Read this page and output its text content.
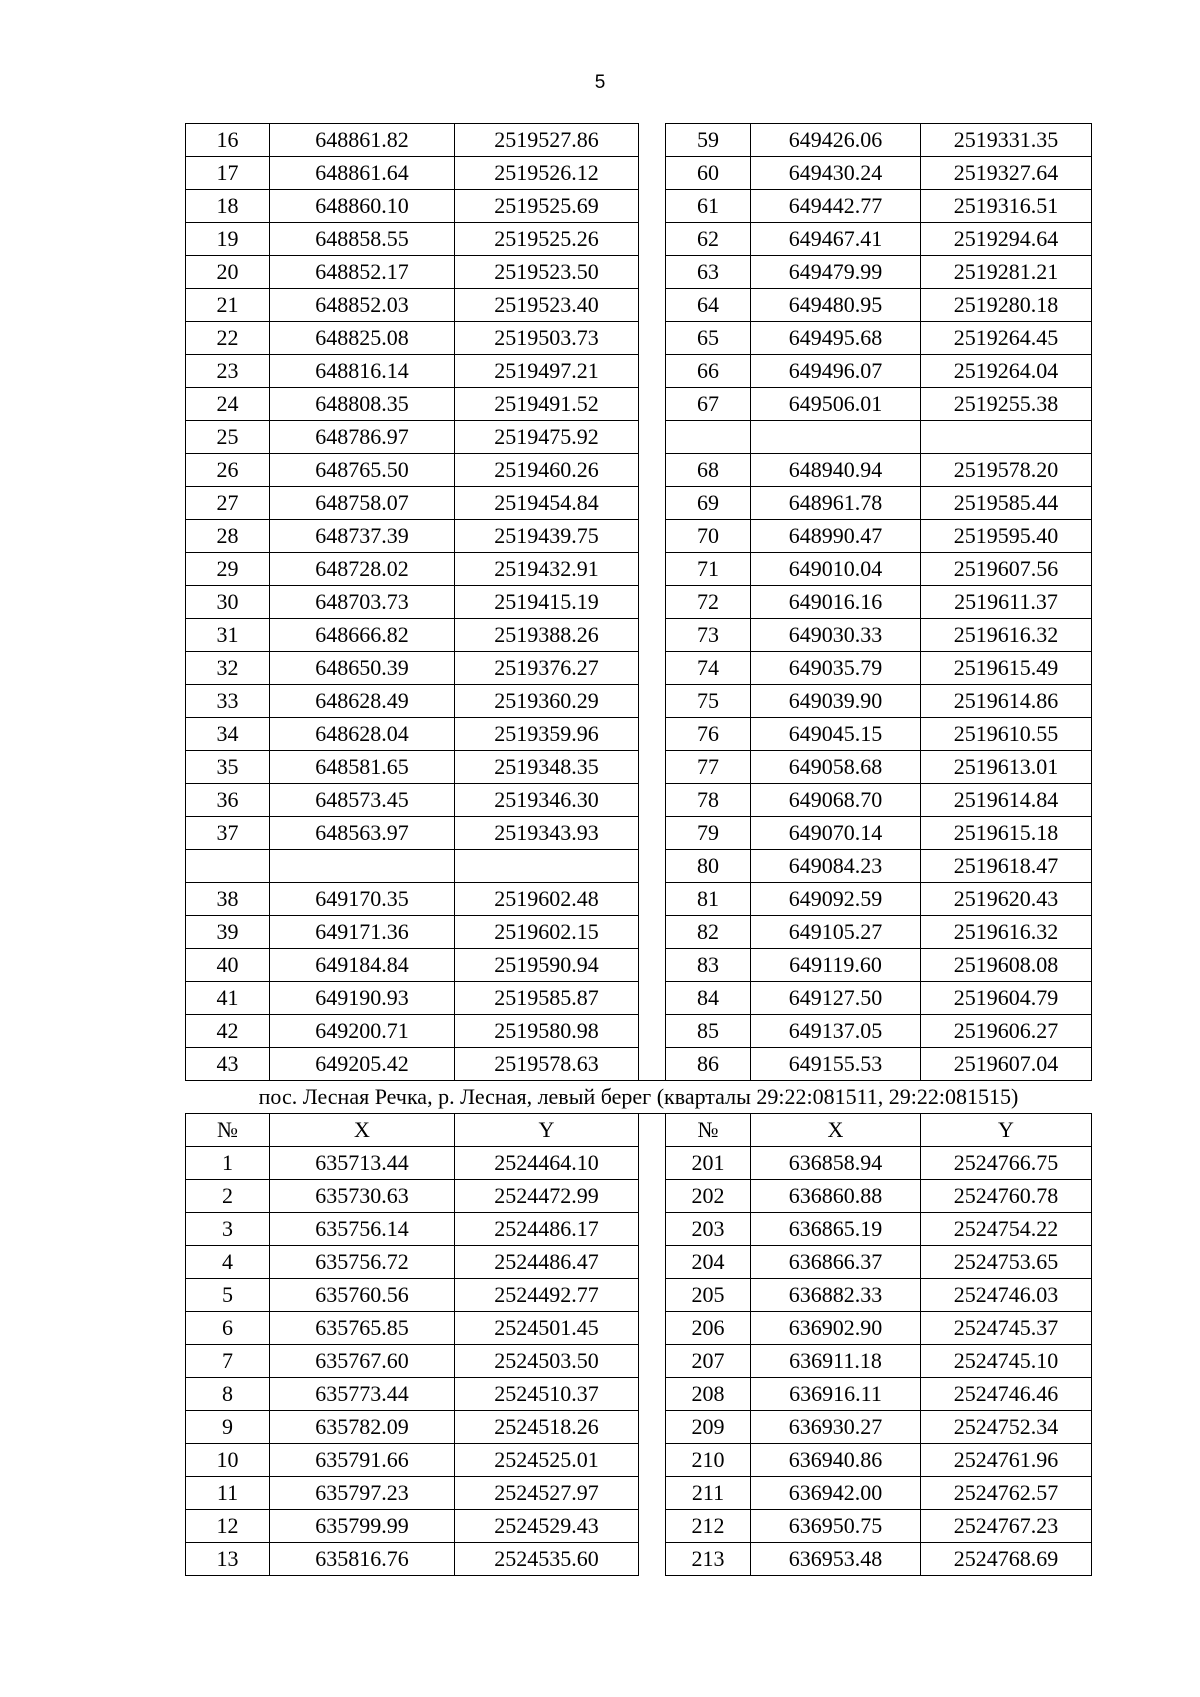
5
16	648861.82	2519527.86		59	649426.06	2519331.35
17	648861.64	2519526.12		60	649430.24	2519327.64
18	648860.10	2519525.69		61	649442.77	2519316.51
19	648858.55	2519525.26		62	649467.41	2519294.64
20	648852.17	2519523.50		63	649479.99	2519281.21
21	648852.03	2519523.40		64	649480.95	2519280.18
22	648825.08	2519503.73		65	649495.68	2519264.45
23	648816.14	2519497.21		66	649496.07	2519264.04
24	648808.35	2519491.52		67	649506.01	2519255.38
25	648786.97	2519475.92				
26	648765.50	2519460.26		68	648940.94	2519578.20
27	648758.07	2519454.84		69	648961.78	2519585.44
28	648737.39	2519439.75		70	648990.47	2519595.40
29	648728.02	2519432.91		71	649010.04	2519607.56
30	648703.73	2519415.19		72	649016.16	2519611.37
31	648666.82	2519388.26		73	649030.33	2519616.32
32	648650.39	2519376.27		74	649035.79	2519615.49
33	648628.49	2519360.29		75	649039.90	2519614.86
34	648628.04	2519359.96		76	649045.15	2519610.55
35	648581.65	2519348.35		77	649058.68	2519613.01
36	648573.45	2519346.30		78	649068.70	2519614.84
37	648563.97	2519343.93		79	649070.14	2519615.18
				80	649084.23	2519618.47
38	649170.35	2519602.48		81	649092.59	2519620.43
39	649171.36	2519602.15		82	649105.27	2519616.32
40	649184.84	2519590.94		83	649119.60	2519608.08
41	649190.93	2519585.87		84	649127.50	2519604.79
42	649200.71	2519580.98		85	649137.05	2519606.27
43	649205.42	2519578.63		86	649155.53	2519607.04
пос. Лесная Речка, р. Лесная, левый берег (кварталы 29:22:081511, 29:22:081515)						
№	X	Y		№	X	Y
1	635713.44	2524464.10		201	636858.94	2524766.75
2	635730.63	2524472.99		202	636860.88	2524760.78
3	635756.14	2524486.17		203	636865.19	2524754.22
4	635756.72	2524486.47		204	636866.37	2524753.65
5	635760.56	2524492.77		205	636882.33	2524746.03
6	635765.85	2524501.45		206	636902.90	2524745.37
7	635767.60	2524503.50		207	636911.18	2524745.10
8	635773.44	2524510.37		208	636916.11	2524746.46
9	635782.09	2524518.26		209	636930.27	2524752.34
10	635791.66	2524525.01		210	636940.86	2524761.96
11	635797.23	2524527.97		211	636942.00	2524762.57
12	635799.99	2524529.43		212	636950.75	2524767.23
13	635816.76	2524535.60		213	636953.48	2524768.69
